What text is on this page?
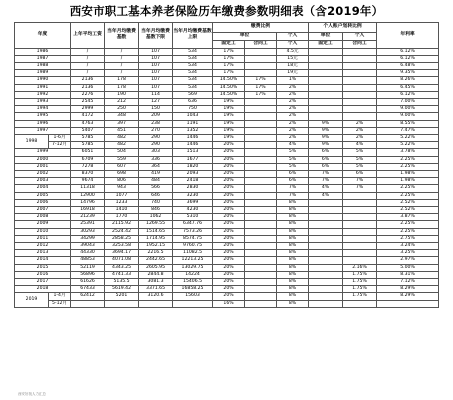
西安市职工基本养老保险历年缴费参数明细表（含2019年）
年度		上年平均工资	当年月均缴费基数	当年月均缴费基数下限	当年月均缴费基数上限	缴费比例			个人账户划转比例		年利率
						单位		个人	单位	个人	
						固定工	合同工	个人	固定工	合同工	
1986		/	/	107	534	17%		4.5元			6.12%
1987		/	/	107	534	17%		15元			6.12%
1988		/	/	107	534	17%		18元			6.48%
1989		/	/	107	534	17%		19元			9.35%
1990		2136	178	107	534	14.50%	17%	1%			8.26%
1991		2136	178	107	534	14.50%	17%	2%			6.45%
1992		2276	190	114	569	14.50%	17%	2%			6.12%
1993		2545	212	127	636	19%		2%			7.00%
1994		2999	250	150	750	19%		2%			9.00%
1995		4172	348	209	1043	19%		2%			9.00%
1996		4763	397	238	1191	19%		2%	9%	2%	8.55%
1997		5407	451	270	1352	19%		2%	9%	2%	7.47%
1998	1-6月	5785	482	290	1446	19%		2%	9%	2%	5.22%
	7-12月	5785	482	290	1446	20%		4%	9%	4%	5.22%
1999		6051	504	303	1513	20%		5%	6%	5%	3.78%
2000		6709	559	336	1677	20%		5%	6%	5%	2.25%
2001		7278	607	364	1820	20%		5%	6%	5%	2.25%
2002		8370	698	419	2093	20%		6%	7%	6%	1.98%
2003		9674	806	484	2418	20%		6%	7%	7%	1.98%
2004		11318	943	566	2830	20%		7%	4%	7%	2.25%
2005		12900	1077	646	3230	20%		7%	4%		2.25%
2006		14796	1233	740	3699	20%		8%			2.52%
2007		16918	1410	846	4230	20%		8%			2.52%
2008		21239	1770	1062	5310	20%		8%			3.87%
2009		25391	2115.92	1269.55	6347.76	20%		8%			2.25%
2010		30293	2524.42	1514.65	7573.26	20%		8%			2.25%
2011		34299	2858.25	1714.95	8574.75	20%		8%			2.75%
2012		39043	3253.58	1952.15	9760.75	20%		8%			3.24%
2013		44330	3694.17	2216.5	11082.5	20%		8%			3.25%
2014		48853	4071.08	2442.65	12213.25	20%		8%			2.97%
2015		52119	4343.25	2605.95	13029.75	20%		8%		2.16%	5.00%
2016		56896	4741.33	2844.8	14224	20%		8%		1.75%	8.31%
2017		61626	5135.5	3081.3	15406.5	20%		8%		1.75%	7.12%
2018		67433	5619.42	3371.65	16858.25	20%		8%		1.75%	8.29%
2019	1-4月	62412	5201	3120.6	15603	20%		8%		1.75%	8.29%
	5-12月					16%		8%			
西安好找人力汇总
